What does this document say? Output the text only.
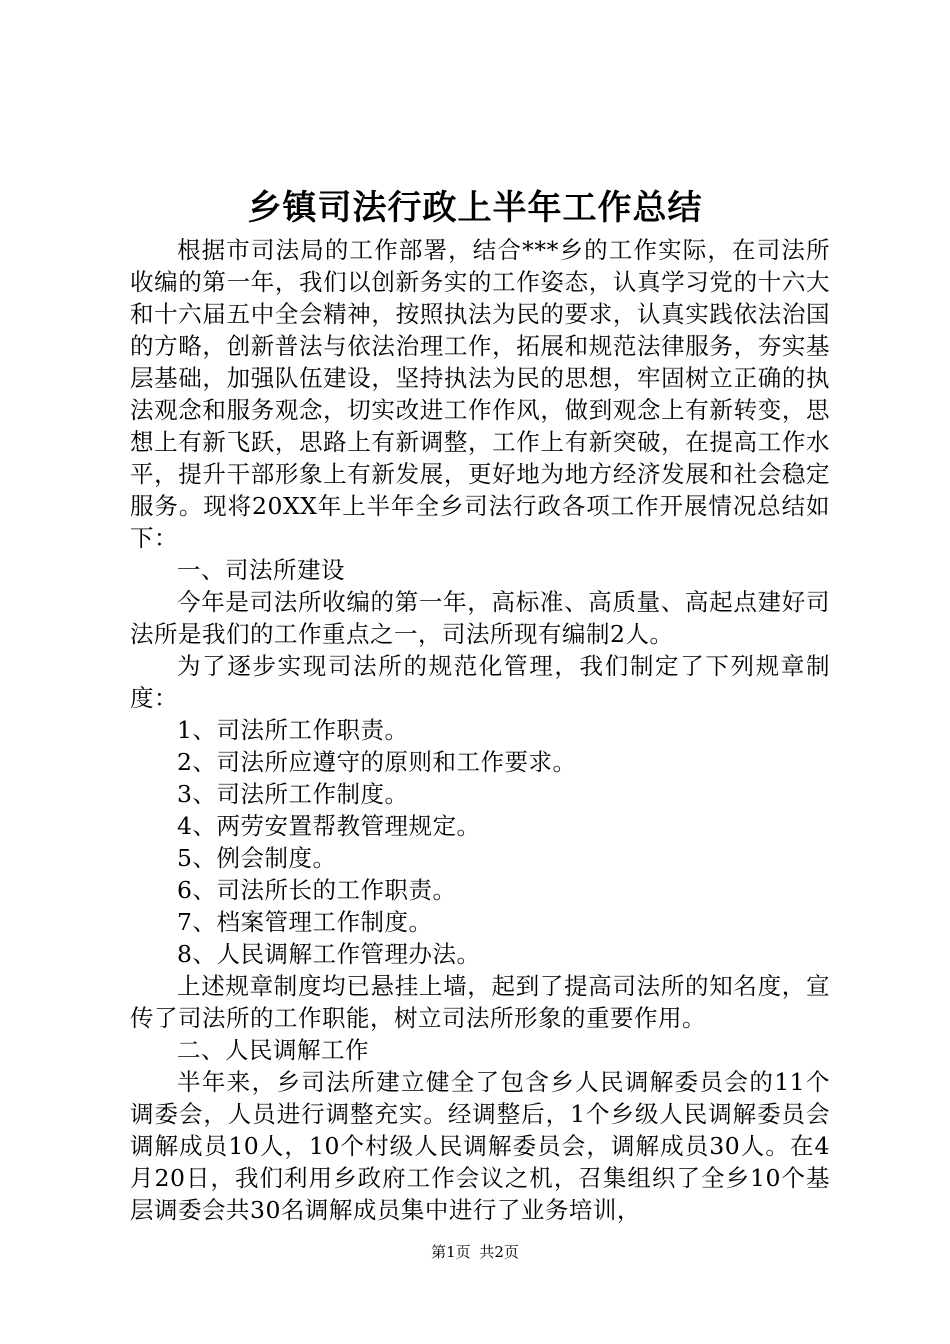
乡镇司法行政上半年工作总结

根据市司法局的工作部署，结合***乡的工作实际，在司法所收编的第一年，我们以创新务实的工作姿态，认真学习党的十六大和十六届五中全会精神，按照执法为民的要求，认真实践依法治国的方略，创新普法与依法治理工作，拓展和规范法律服务，夯实基层基础，加强队伍建设，坚持执法为民的思想，牢固树立正确的执法观念和服务观念，切实改进工作作风，做到观念上有新转变，思想上有新飞跃，思路上有新调整，工作上有新突破，在提高工作水平，提升干部形象上有新发展，更好地为地方经济发展和社会稳定服务。现将20XX年上半年全乡司法行政各项工作开展情况总结如下：

一、司法所建设

今年是司法所收编的第一年，高标准、高质量、高起点建好司法所是我们的工作重点之一，司法所现有编制2人。

为了逐步实现司法所的规范化管理，我们制定了下列规章制度：

1、司法所工作职责。

2、司法所应遵守的原则和工作要求。

3、司法所工作制度。

4、两劳安置帮教管理规定。

5、例会制度。

6、司法所长的工作职责。

7、档案管理工作制度。

8、人民调解工作管理办法。

上述规章制度均已悬挂上墙，起到了提高司法所的知名度，宣传了司法所的工作职能，树立司法所形象的重要作用。

二、人民调解工作

半年来，乡司法所建立健全了包含乡人民调解委员会的11个调委会，人员进行调整充实。经调整后，1个乡级人民调解委员会调解成员10人，10个村级人民调解委员会，调解成员30人。在4月20日，我们利用乡政府工作会议之机，召集组织了全乡10个基层调委会共30名调解成员集中进行了业务培训，

第1页 共2页
